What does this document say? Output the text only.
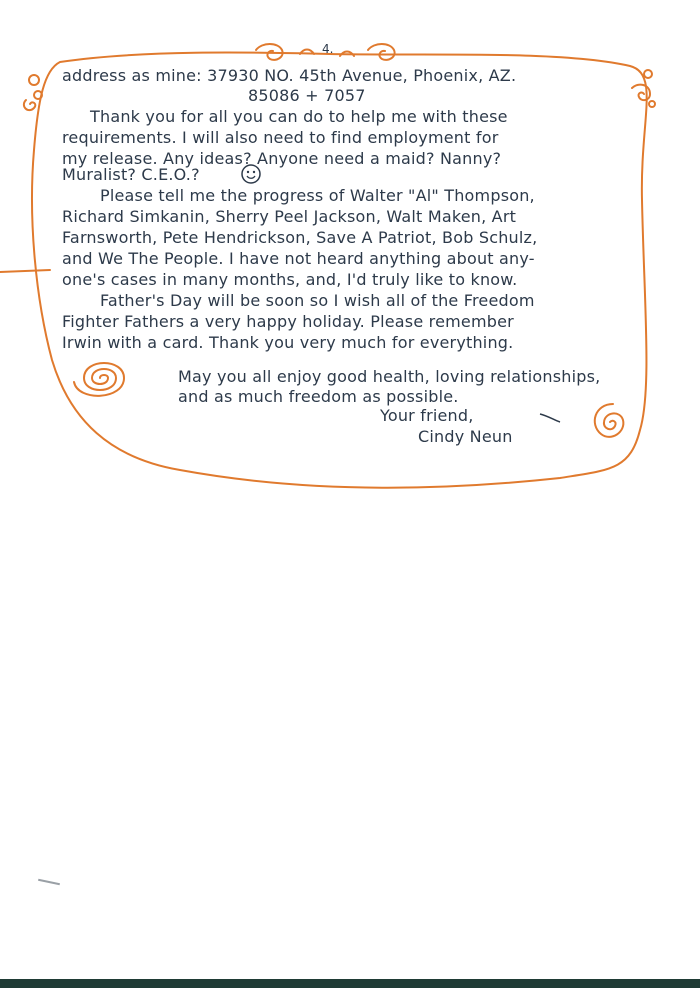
4.

address as mine: 37930 NO. 45th Avenue, Phoenix, AZ.

85086 + 7057

Thank you for all you can do to help me with these

requirements. I will also need to find employment for

my release. Any ideas? Anyone need a maid? Nanny?

Muralist? C.E.O.?

Please tell me the progress of Walter "Al" Thompson,

Richard Simkanin, Sherry Peel Jackson, Walt Maken, Art

Farnsworth, Pete Hendrickson, Save A Patriot, Bob Schulz,

and We The People. I have not heard anything about any-

one's cases in many months, and, I'd truly like to know.

Father's Day will be soon so I wish all of the Freedom

Fighter Fathers a very happy holiday. Please remember

Irwin with a card. Thank you very much for everything.

May you all enjoy good health, loving relationships,

and as much freedom as possible.

Your friend,

Cindy Neun
